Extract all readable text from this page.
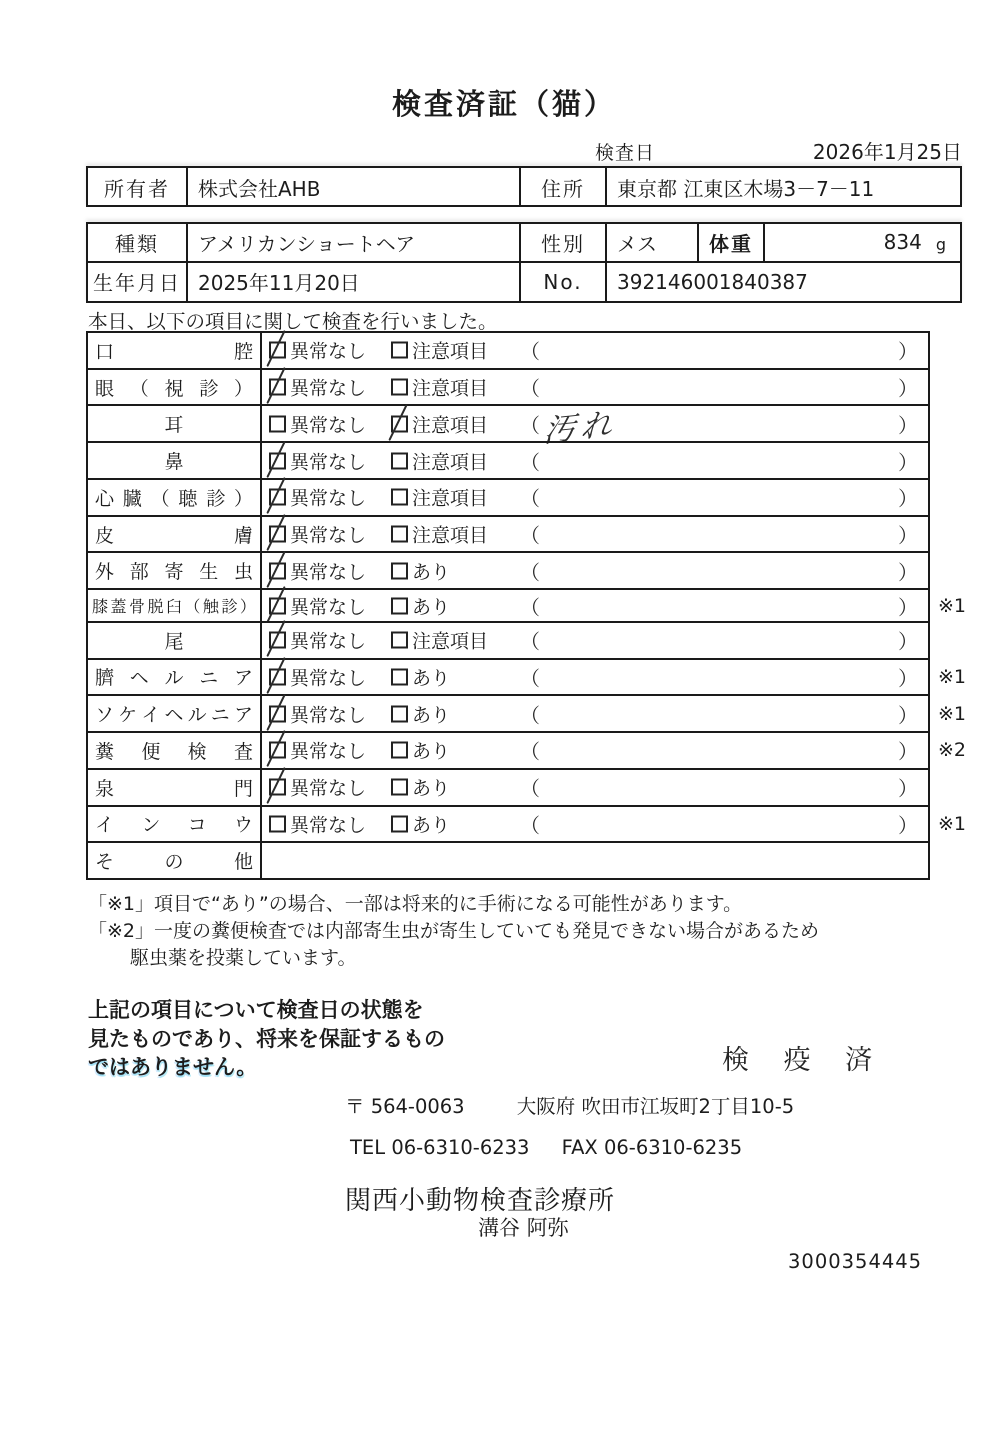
検査済証（猫）
検査日	2026年1月25日
所有者	株式会社AHB	住所	東京都 江東区木場3－7－11
種類	アメリカンショートヘア	性別	メス	体重	834 g
生年月日 2025年11月20日	No.	392146001840387
本日、以下の項目に関して検査を行いました。
口	腔 異常なし 注意項目 （	）
眼 （ 視 診 ） 異常なし 注意項目 （	）
耳	異常なし 注意項目 （ 汚れ	）
鼻	異常なし 注意項目 （	）
心 臓 （ 聴 診 ） 異常なし 注意項目 （	）
皮	膚 異常なし 注意項目 （	）
外 部 寄 生 虫 異常なし あり	（	）
膝 蓋 骨 脱 臼 （ 触 診 ） 異常なし あり	（	）	※1
尾	異常なし 注意項目 （	）
臍 ヘ ル ニ ア 異常なし あり	（	）	※1
ソ ケ イ ヘ ル ニ ア 異常なし あり	（	）	※1
糞 便 検 査 異常なし あり	（	）	※2
泉	門 異常なし あり	（	）
イ ン コ ウ 異常なし あり	（	）	※1
そ	の	他
「※1」項目で“あり”の場合、一部は将来的に手術になる可能性があります。
「※2」一度の糞便検査では内部寄生虫が寄生していても発見できない場合があるため
駆虫薬を投薬しています。
上記の項目について検査日の状態を
見たものであり、将来を保証するもの
ではありません。	検 疫 済
〒 564-0063	大阪府 吹田市江坂町2丁目10-5
TEL 06-6310-6233 FAX 06-6310-6235
関西小動物検査診療所
溝谷 阿弥
3000354445
